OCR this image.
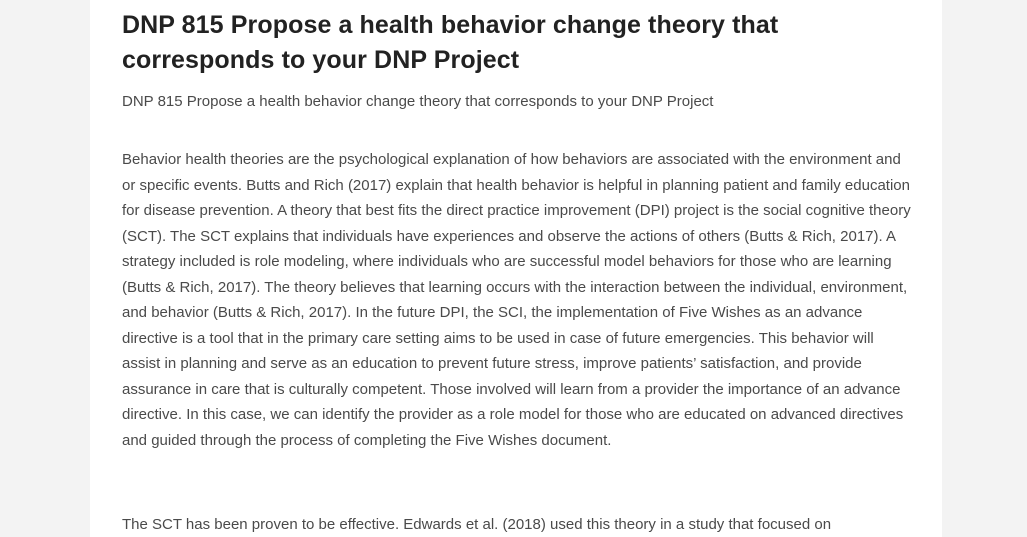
DNP 815 Propose a health behavior change theory that corresponds to your DNP Project

DNP 815 Propose a health behavior change theory that corresponds to your DNP Project

Behavior health theories are the psychological explanation of how behaviors are associated with the environment and or specific events. Butts and Rich (2017) explain that health behavior is helpful in planning patient and family education for disease prevention. A theory that best fits the direct practice improvement (DPI) project is the social cognitive theory (SCT). The SCT explains that individuals have experiences and observe the actions of others (Butts & Rich, 2017). A strategy included is role modeling, where individuals who are successful model behaviors for those who are learning (Butts & Rich, 2017). The theory believes that learning occurs with the interaction between the individual, environment, and behavior (Butts & Rich, 2017). In the future DPI, the SCI, the implementation of Five Wishes as an advance directive is a tool that in the primary care setting aims to be used in case of future emergencies. This behavior will assist in planning and serve as an education to prevent future stress, improve patients’ satisfaction, and provide assurance in care that is culturally competent. Those involved will learn from a provider the importance of an advance directive. In this case, we can identify the provider as a role model for those who are educated on advanced directives and guided through the process of completing the Five Wishes document.

The SCT has been proven to be effective. Edwards et al. (2018) used this theory in a study that focused on
